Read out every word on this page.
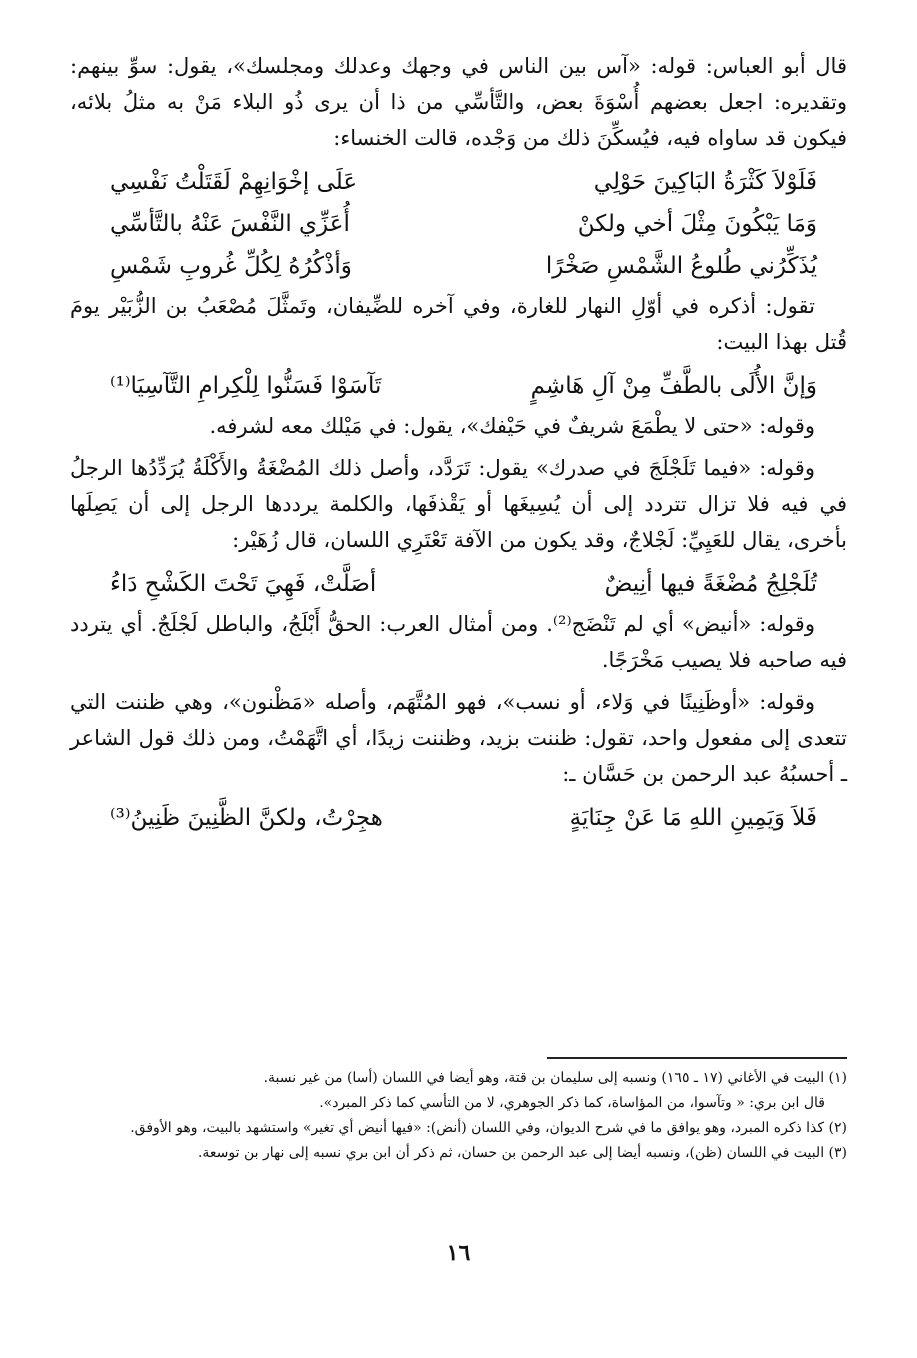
قال أبو العباس: قوله: «آس بين الناس في وجهك وعدلك ومجلسك»، يقول: سوِّ بينهم: وتقديره: اجعل بعضهم أُسْوَةَ بعض، والتَّأسِّي من ذا أن يرى ذُو البلاء مَنْ به مثلُ بلائه، فيكون قد ساواه فيه، فيُسكِّنَ ذلك من وَجْده، قالت الخنساء:

فَلَوْلاَ كَثْرَةُ البَاكِينَ حَوْلِي
عَلَى إخْوَانِهِمْ لَقَتَلْتُ نَفْسِي
وَمَا يَبْكُونَ مِثْلَ أخي ولكنْ
أُعَزِّي النَّفْسَ عَنْهُ بالتَّأسِّي
يُذَكِّرُني طُلوعُ الشَّمْسِ صَخْرًا
وَأذْكُرُهُ لِكُلِّ غُروبِ شَمْسِ

تقول: أذكره في أوّلِ النهار للغارة، وفي آخره للضِّيفان، وتَمثَّلَ مُصْعَبُ بن الزُّبَيْر يومَ قُتل بهذا البيت:

وَإنَّ الأُلَى بالطَّفِّ مِنْ آلِ هَاشِمٍ
تَآسَوْا فَسَنُّوا لِلْكِرامِ التَّآسِيَا⁽¹⁾

وقوله: «حتى لا يطْمَعَ شريفٌ في حَيْفك»، يقول: في مَيْلك معه لشرفه.

وقوله: «فيما تَلَجْلَجَ في صدرك» يقول: تَرَدَّد، وأصل ذلك المُضْغَةُ والأَكْلَةُ يُرَدِّدُها الرجلُ في فيه فلا تزال تتردد إلى أن يُسِيغَها أو يَقْذفَها، والكلمة يرددها الرجل إلى أن يَصِلَها بأخرى، يقال للعَيِيِّ: لَجْلاجٌ، وقد يكون من الآفة تَعْتَرِي اللسان، قال زُهَيْر:

تُلَجْلِجُ مُضْغَةً فيها أنِيضٌ
أصَلَّتْ، فَهِيَ تَحْتَ الكَشْحِ دَاءُ

وقوله: «أنيض» أي لم تَنْضَج⁽²⁾. ومن أمثال العرب: الحقُّ أَبْلَجُ، والباطل لَجْلَجٌ. أي يتردد فيه صاحبه فلا يصيب مَخْرَجًا.

وقوله: «أوظَنِينًا في وَلاء، أو نسب»، فهو المُتَّهَم، وأصله «مَظْنون»، وهي ظننت التي تتعدى إلى مفعول واحد، تقول: ظننت بزيد، وظننت زيدًا، أي اتَّهَمْتُ، ومن ذلك قول الشاعر ـ أحسبُهُ عبد الرحمن بن حَسَّان ـ:

فَلاَ وَيَمِينِ اللهِ مَا عَنْ جِنَايَةٍ
هجِرْتُ، ولكنَّ الظَّنِينَ ظَنِينُ⁽³⁾

(١) البيت في الأغاني (١٧ ـ ١٦٥) ونسبه إلى سليمان بن قتة، وهو أيضا في اللسان (أسا) من غير نسبة.

قال ابن بري: « وتآسوا، من المؤاساة، كما ذكر الجوهري، لا من التأسي كما ذكر المبرد».

(٢) كذا ذكره المبرد، وهو يوافق ما في شرح الديوان، وفي اللسان (أنض): «فيها أنيض أي تغير» واستشهد بالبيت، وهو الأوفق.

(٣) البيت في اللسان (ظن)، ونسبه أيضا إلى عبد الرحمن بن حسان، ثم ذكر أن ابن بري نسبه إلى نهار بن توسعة.

١٦
